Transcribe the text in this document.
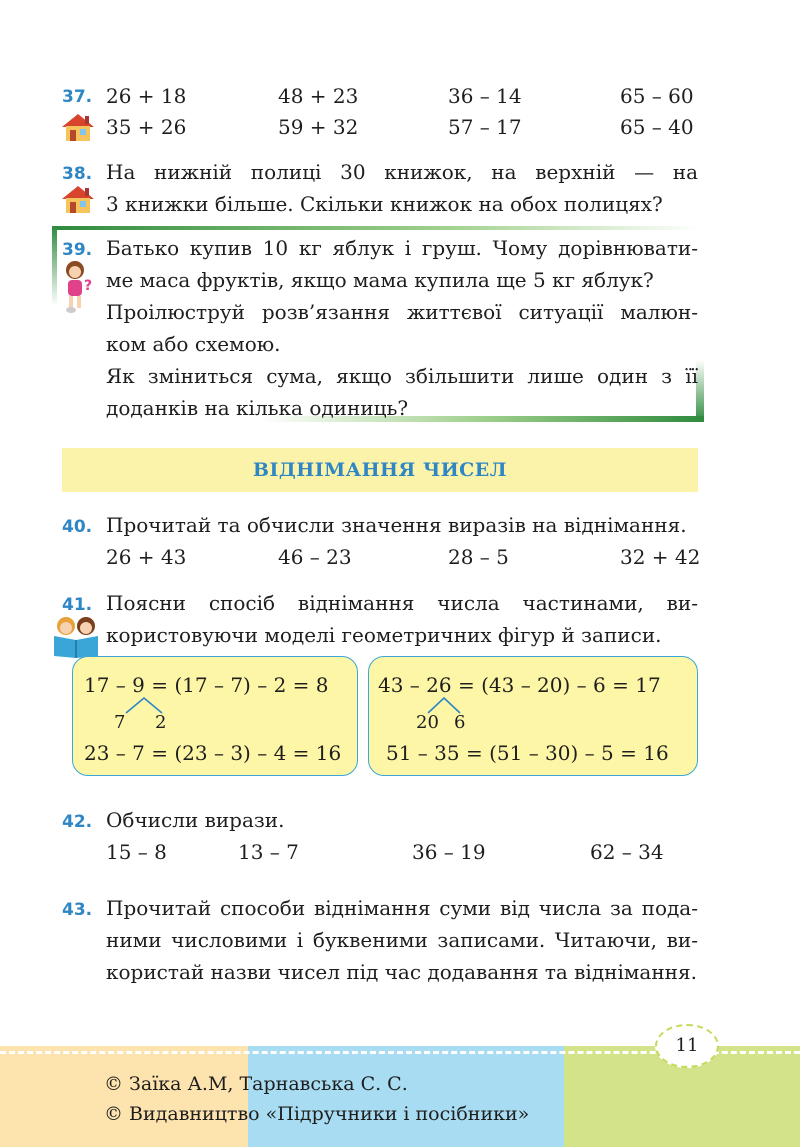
37. 26 + 18	48 + 23	36 – 14	65 – 60
35 + 26	59 + 32	57 – 17	65 – 40
38. На нижній полиці 30 книжок, на верхній — на
3 книжки більше. Скільки книжок на обох полицях?
39.
?
Батько купив 10 кг яблук і груш. Чому дорівнювати-
ме маса фруктів, якщо мама купила ще 5 кг яблук?
Проілюструй розв’язання життєвої ситуації малюн-
ком або схемою.
Як зміниться сума, якщо збільшити лише один з її
доданків на кілька одиниць?
ВІДНІМАННЯ ЧИСЕЛ
40. Прочитай та обчисли значення виразів на віднімання.
26 + 43	46 – 23	28 – 5	32 + 42
41. Поясни спосіб віднімання числа частинами, ви-
користовуючи моделі геометричних фігур й записи.
17 – 9 = (17 – 7) – 2 = 8
7 2
23 – 7 = (23 – 3) – 4 = 16
43 – 26 = (43 – 20) – 6 = 17
20 6
51 – 35 = (51 – 30) – 5 = 16
42. Обчисли вирази.
15 – 8	13 – 7	36 – 19	62 – 34
43. Прочитай способи віднімання суми від числа за пода-
ними числовими і буквеними записами. Читаючи, ви-
користай назви чисел під час додавання та віднімання.
11
© Заїка А.М, Тарнавська С. С.
© Видавництво «Підручники і посібники»
